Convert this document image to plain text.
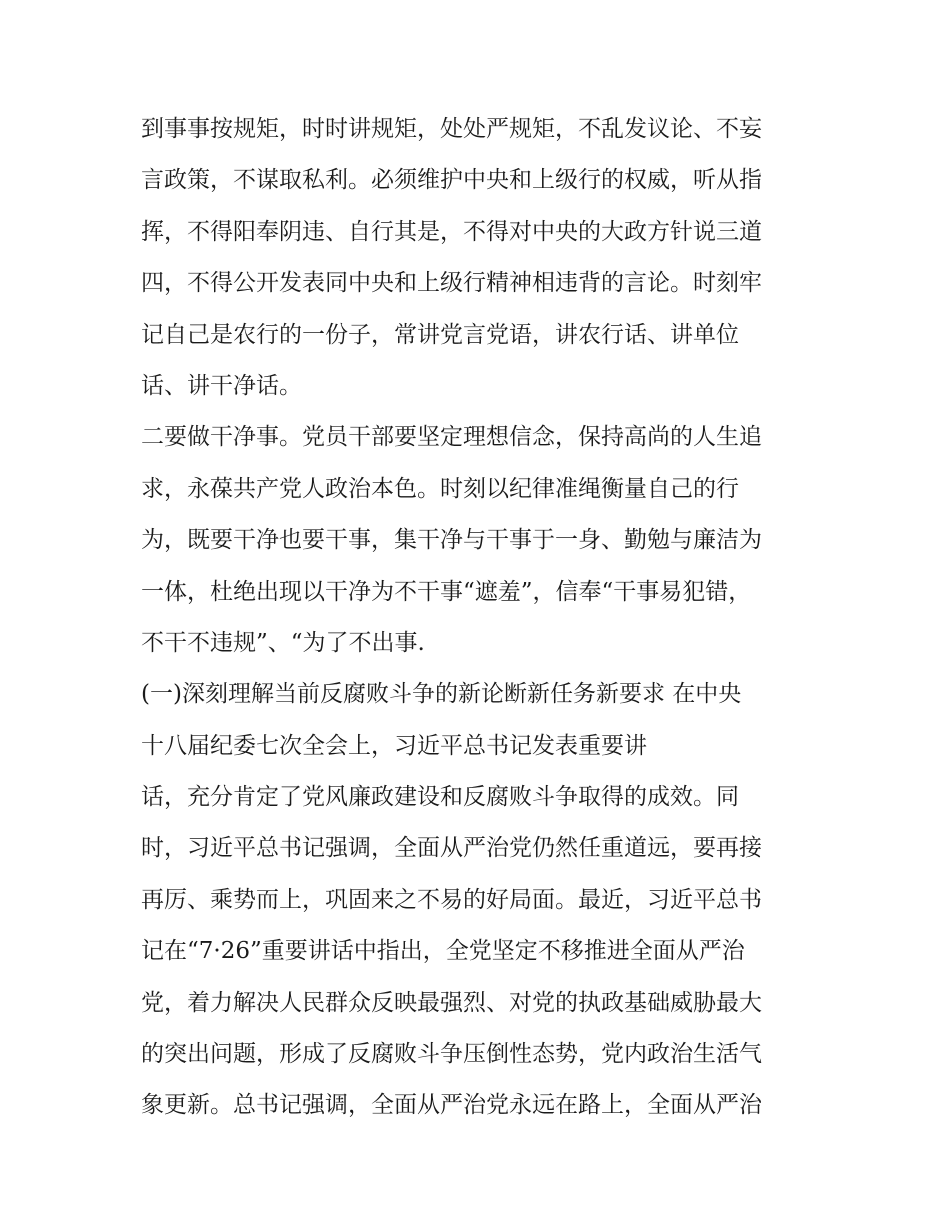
到事事按规矩，时时讲规矩，处处严规矩，不乱发议论、不妄
言政策，不谋取私利。必须维护中央和上级行的权威，听从指
挥，不得阳奉阴违、自行其是，不得对中央的大政方针说三道
四，不得公开发表同中央和上级行精神相违背的言论。时刻牢
记自己是农行的一份子，常讲党言党语，讲农行话、讲单位
话、讲干净话。
二要做干净事。党员干部要坚定理想信念，保持高尚的人生追
求，永葆共产党人政治本色。时刻以纪律准绳衡量自己的行
为，既要干净也要干事，集干净与干事于一身、勤勉与廉洁为
一体，杜绝出现以干净为不干事“遮羞”，信奉“干事易犯错，
不干不违规”、“为了不出事.
(一)深刻理解当前反腐败斗争的新论断新任务新要求 在中央
十八届纪委七次全会上，习近平总书记发表重要讲
话，充分肯定了党风廉政建设和反腐败斗争取得的成效。同
时，习近平总书记强调，全面从严治党仍然任重道远，要再接
再厉、乘势而上，巩固来之不易的好局面。最近，习近平总书
记在“7·26”重要讲话中指出，全党坚定不移推进全面从严治
党，着力解决人民群众反映最强烈、对党的执政基础威胁最大
的突出问题，形成了反腐败斗争压倒性态势，党内政治生活气
象更新。总书记强调，全面从严治党永远在路上，全面从严治
